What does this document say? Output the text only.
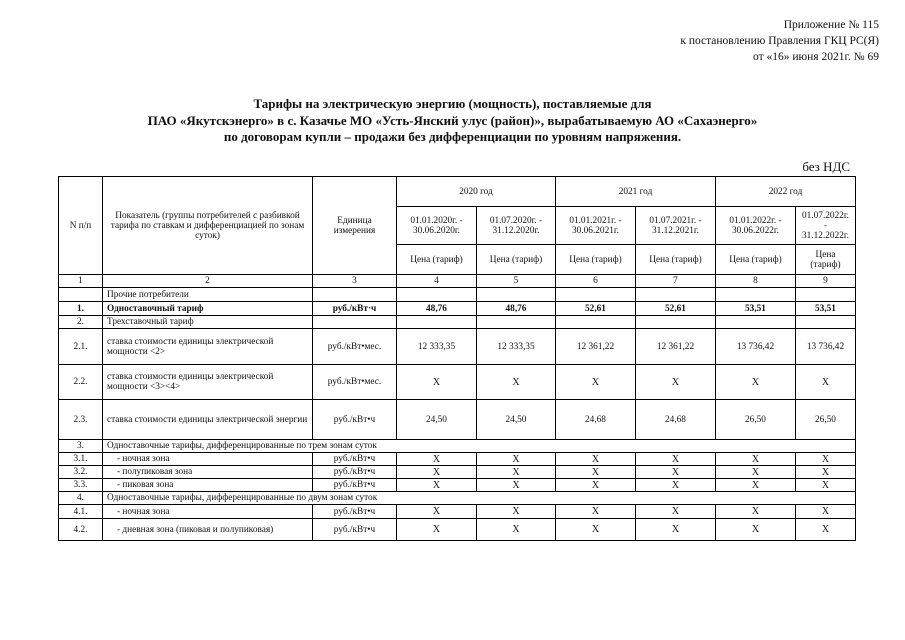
Приложение № 115
к постановлению Правления ГКЦ РС(Я)
от «16» июня 2021г. № 69
Тарифы на электрическую энергию (мощность), поставляемые для
ПАО «Якутскэнерго» в с. Казачье МО «Усть-Янский улус (район)», вырабатываемую АО «Сахаэнерго»
по договорам купли – продажи без дифференциации по уровням напряжения.
без НДС
N п/п	Показатель (группы потребителей с разбивкой тарифа по ставкам и дифференциацией по зонам суток)	Единица измерения	2020 год		2021 год		2022 год	
			01.01.2020г. - 30.06.2020г.	01.07.2020г. - 31.12.2020г.	01.01.2021г. - 30.06.2021г.	01.07.2021г. - 31.12.2021г.	01.01.2022г. - 30.06.2022г.	01.07.2022г. - 31.12.2022г.
			Цена (тариф)	Цена (тариф)	Цена (тариф)	Цена (тариф)	Цена (тариф)	Цена (тариф)
1	2	3	4	5	6	7	8	9
	Прочие потребители							
1.	Одноставочный тариф	руб./кВт·ч	48,76	48,76	52,61	52,61	53,51	53,51
2.	Трехставочный тариф							
2.1.	ставка стоимости единицы электрической мощности <2>	руб./кВт•мес.	12 333,35	12 333,35	12 361,22	12 361,22	13 736,42	13 736,42
2.2.	ставка стоимости единицы электрической мощности <3><4>	руб./кВт•мес.	X	X	X	X	X	X
2.3.	ставка стоимости единицы электрической энергии	руб./кВт•ч	24,50	24,50	24,68	24,68	26,50	26,50
3.	Одноставочные тарифы, дифференцированные по трем зонам суток							
3.1.	- ночная зона	руб./кВт•ч	X	X	X	X	X	X
3.2.	- полупиковая зона	руб./кВт•ч	X	X	X	X	X	X
3.3.	- пиковая зона	руб./кВт•ч	X	X	X	X	X	X
4.	Одноставочные тарифы, дифференцированные по двум зонам суток							
4.1.	- ночная зона	руб./кВт•ч	X	X	X	X	X	X
4.2.	- дневная зона (пиковая и полупиковая)	руб./кВт•ч	X	X	X	X	X	X
